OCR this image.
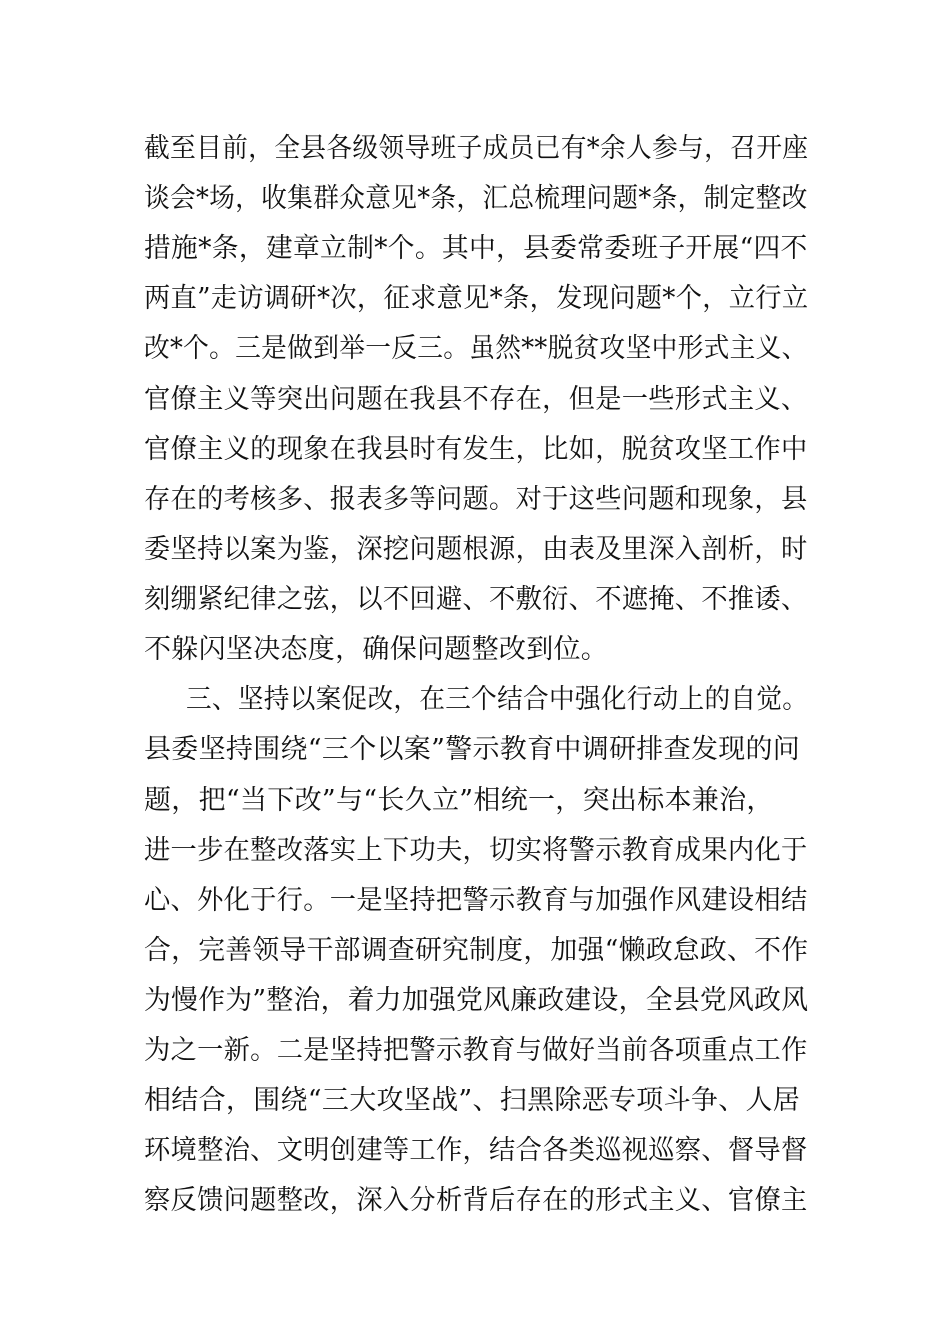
截至目前，全县各级领导班子成员已有*余人参与，召开座
谈会*场，收集群众意见*条，汇总梳理问题*条，制定整改
措施*条，建章立制*个。其中，县委常委班子开展“四不
两直”走访调研*次，征求意见*条，发现问题*个，立行立
改*个。三是做到举一反三。虽然**脱贫攻坚中形式主义、
官僚主义等突出问题在我县不存在，但是一些形式主义、
官僚主义的现象在我县时有发生，比如，脱贫攻坚工作中
存在的考核多、报表多等问题。对于这些问题和现象，县
委坚持以案为鉴，深挖问题根源，由表及里深入剖析，时
刻绷紧纪律之弦，以不回避、不敷衍、不遮掩、不推诿、
不躲闪坚决态度，确保问题整改到位。
三、坚持以案促改，在三个结合中强化行动上的自觉。
县委坚持围绕“三个以案”警示教育中调研排查发现的问
题，把“当下改”与“长久立”相统一，突出标本兼治，
进一步在整改落实上下功夫，切实将警示教育成果内化于
心、外化于行。一是坚持把警示教育与加强作风建设相结
合，完善领导干部调查研究制度，加强“懒政怠政、不作
为慢作为”整治，着力加强党风廉政建设，全县党风政风
为之一新。二是坚持把警示教育与做好当前各项重点工作
相结合，围绕“三大攻坚战”、扫黑除恶专项斗争、人居
环境整治、文明创建等工作，结合各类巡视巡察、督导督
察反馈问题整改，深入分析背后存在的形式主义、官僚主
